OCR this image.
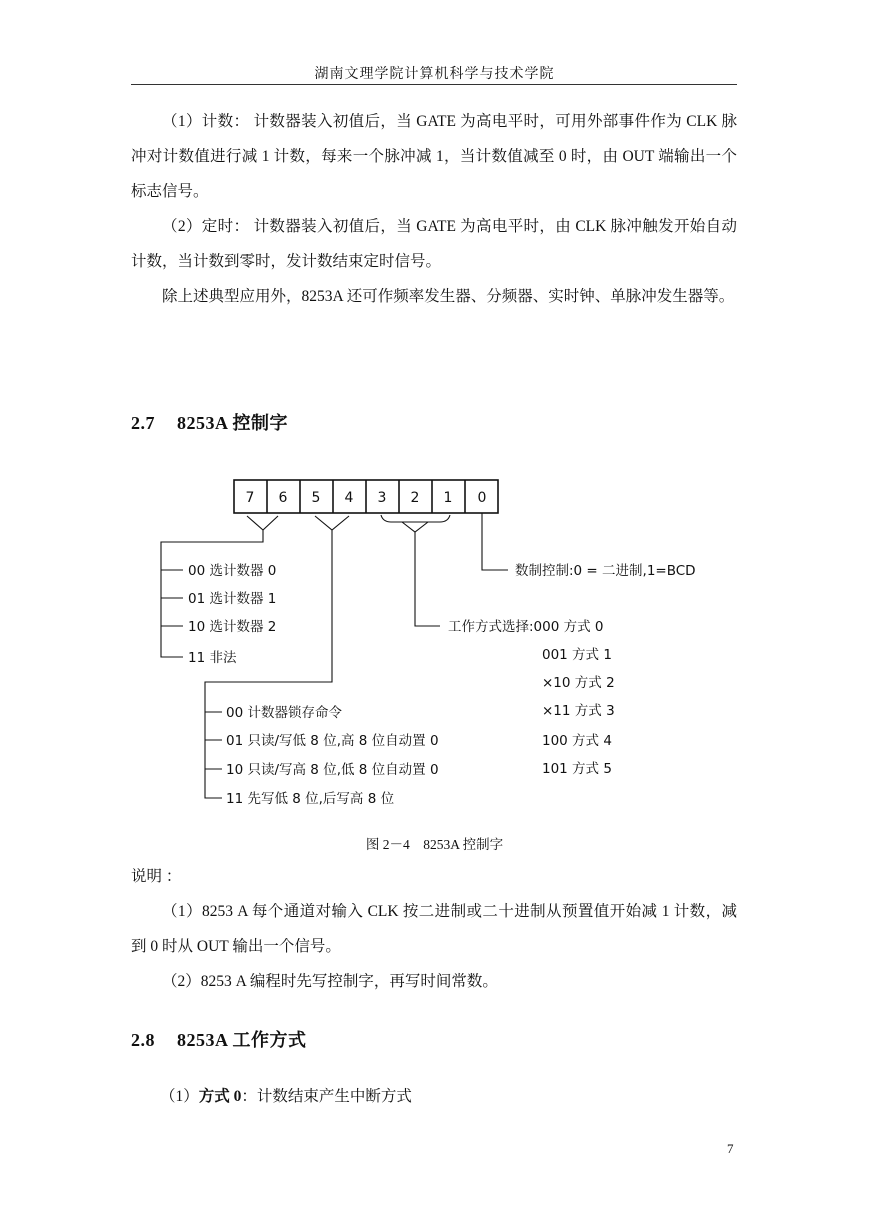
湖南文理学院计算机科学与技术学院
（1）计数： 计数器装入初值后，当 GATE 为高电平时，可用外部事件作为 CLK 脉冲对计数值进行减 1 计数，每来一个脉冲减 1，当计数值减至 0 时，由 OUT 端输出一个标志信号。
（2）定时： 计数器装入初值后，当 GATE 为高电平时，由 CLK 脉冲触发开始自动计数，当计数到零时，发计数结束定时信号。
除上述典型应用外，8253A 还可作频率发生器、分频器、实时钟、单脉冲发生器等。
2.7 8253A 控制字
7 6 5 4 3 2 1 0
00 选计数器 0
01 选计数器 1
10 选计数器 2
11 非法
00 计数器锁存命令
01 只读/写低 8 位,高 8 位自动置 0
10 只读/写高 8 位,低 8 位自动置 0
11 先写低 8 位,后写高 8 位
数制控制:0 = 二进制,1=BCD
工作方式选择:000 方式 0
001 方式 1
×10 方式 2
×11 方式 3
100 方式 4
101 方式 5
图 2－4　8253A 控制字
说明 ：
（1）8253 A 每个通道对输入 CLK 按二进制或二十进制从预置值开始减 1 计数，减到 0 时从 OUT 输出一个信号。
（2）8253 A 编程时先写控制字，再写时间常数。
2.8 8253A 工作方式
（1）方式 0：计数结束产生中断方式
7
